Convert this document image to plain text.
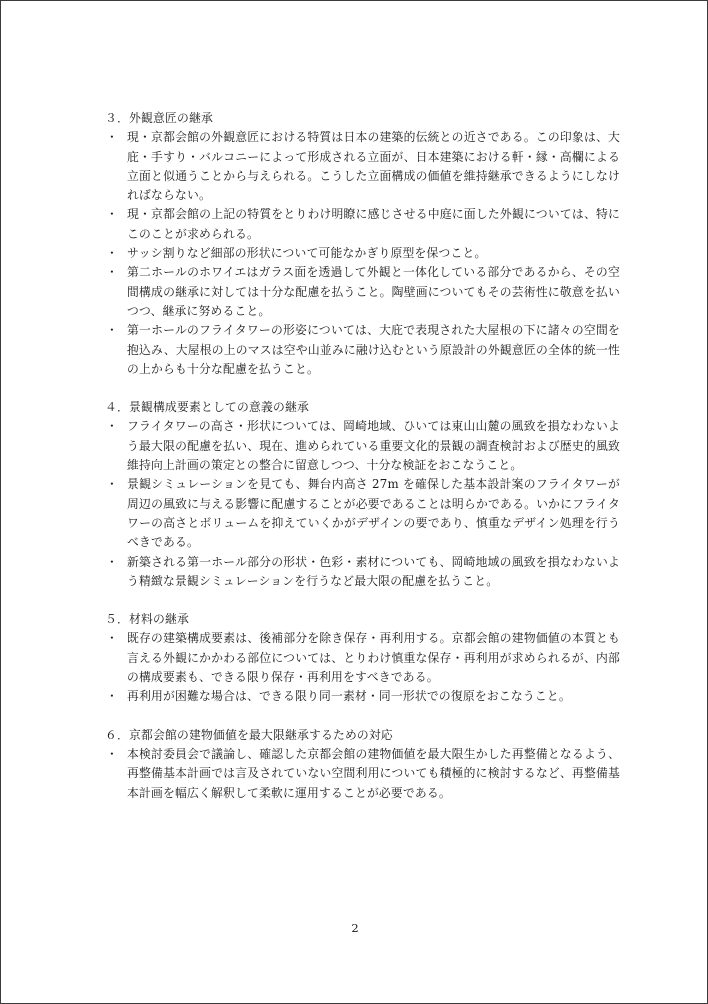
３．外観意匠の継承
・ 現・京都会館の外観意匠における特質は日本の建築的伝統との近さである。この印象は、大庇・手すり・バルコニーによって形成される立面が、日本建築における軒・縁・高欄による立面と似通うことから与えられる。こうした立面構成の価値を維持継承できるようにしなければならない。
・ 現・京都会館の上記の特質をとりわけ明瞭に感じさせる中庭に面した外観については、特にこのことが求められる。
・ サッシ割りなど細部の形状について可能なかぎり原型を保つこと。
・ 第二ホールのホワイエはガラス面を透過して外観と一体化している部分であるから、その空間構成の継承に対しては十分な配慮を払うこと。陶壁画についてもその芸術性に敬意を払いつつ、継承に努めること。
・ 第一ホールのフライタワーの形姿については、大庇で表現された大屋根の下に諸々の空間を抱込み、大屋根の上のマスは空や山並みに融け込むという原設計の外観意匠の全体的統一性の上からも十分な配慮を払うこと。
４．景観構成要素としての意義の継承
・ フライタワーの高さ・形状については、岡崎地域、ひいては東山山麓の風致を損なわないよう最大限の配慮を払い、現在、進められている重要文化的景観の調査検討および歴史的風致維持向上計画の策定との整合に留意しつつ、十分な検証をおこなうこと。
・ 景観シミュレーションを見ても、舞台内高さ 27m を確保した基本設計案のフライタワーが周辺の風致に与える影響に配慮することが必要であることは明らかである。いかにフライタワーの高さとボリュームを抑えていくかがデザインの要であり、慎重なデザイン処理を行うべきである。
・ 新築される第一ホール部分の形状・色彩・素材についても、岡崎地域の風致を損なわないよう精緻な景観シミュレーションを行うなど最大限の配慮を払うこと。
５．材料の継承
・ 既存の建築構成要素は、後補部分を除き保存・再利用する。京都会館の建物価値の本質とも言える外観にかかわる部位については、とりわけ慎重な保存・再利用が求められるが、内部の構成要素も、できる限り保存・再利用をすべきである。
・ 再利用が困難な場合は、できる限り同一素材・同一形状での復原をおこなうこと。
６．京都会館の建物価値を最大限継承するための対応
・ 本検討委員会で議論し、確認した京都会館の建物価値を最大限生かした再整備となるよう、再整備基本計画では言及されていない空間利用についても積極的に検討するなど、再整備基本計画を幅広く解釈して柔軟に運用することが必要である。
2
